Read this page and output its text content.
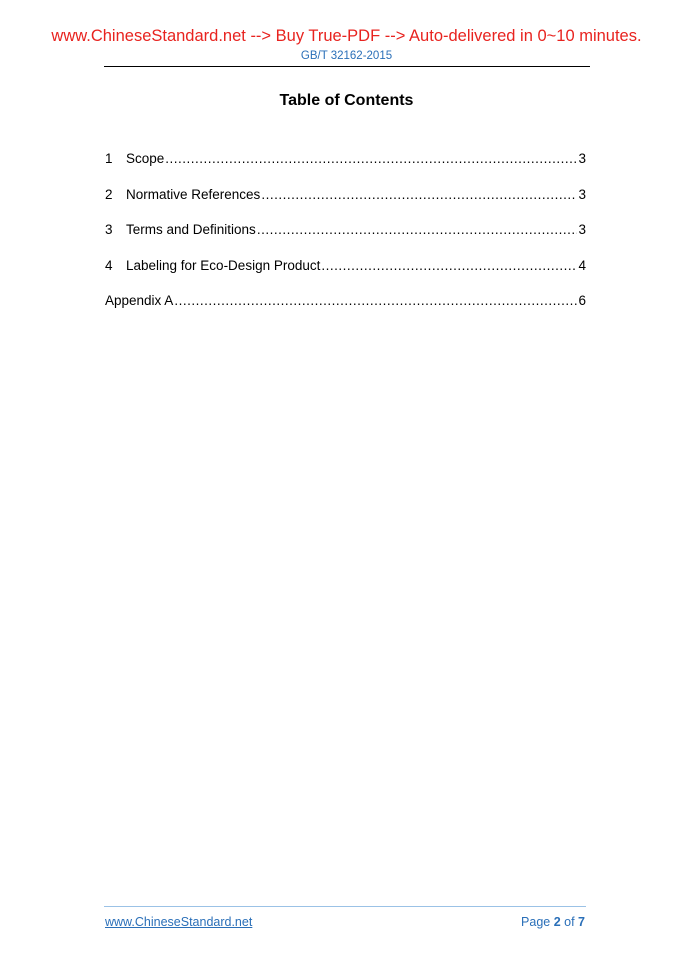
www.ChineseStandard.net --> Buy True-PDF --> Auto-delivered in 0~10 minutes.
GB/T 32162-2015
Table of Contents
1 Scope .....	3
2 Normative References .....	3
3 Terms and Definitions .....	3
4 Labeling for Eco-Design Product .....	4
Appendix A .....	6
www.ChineseStandard.net	Page 2 of 7
